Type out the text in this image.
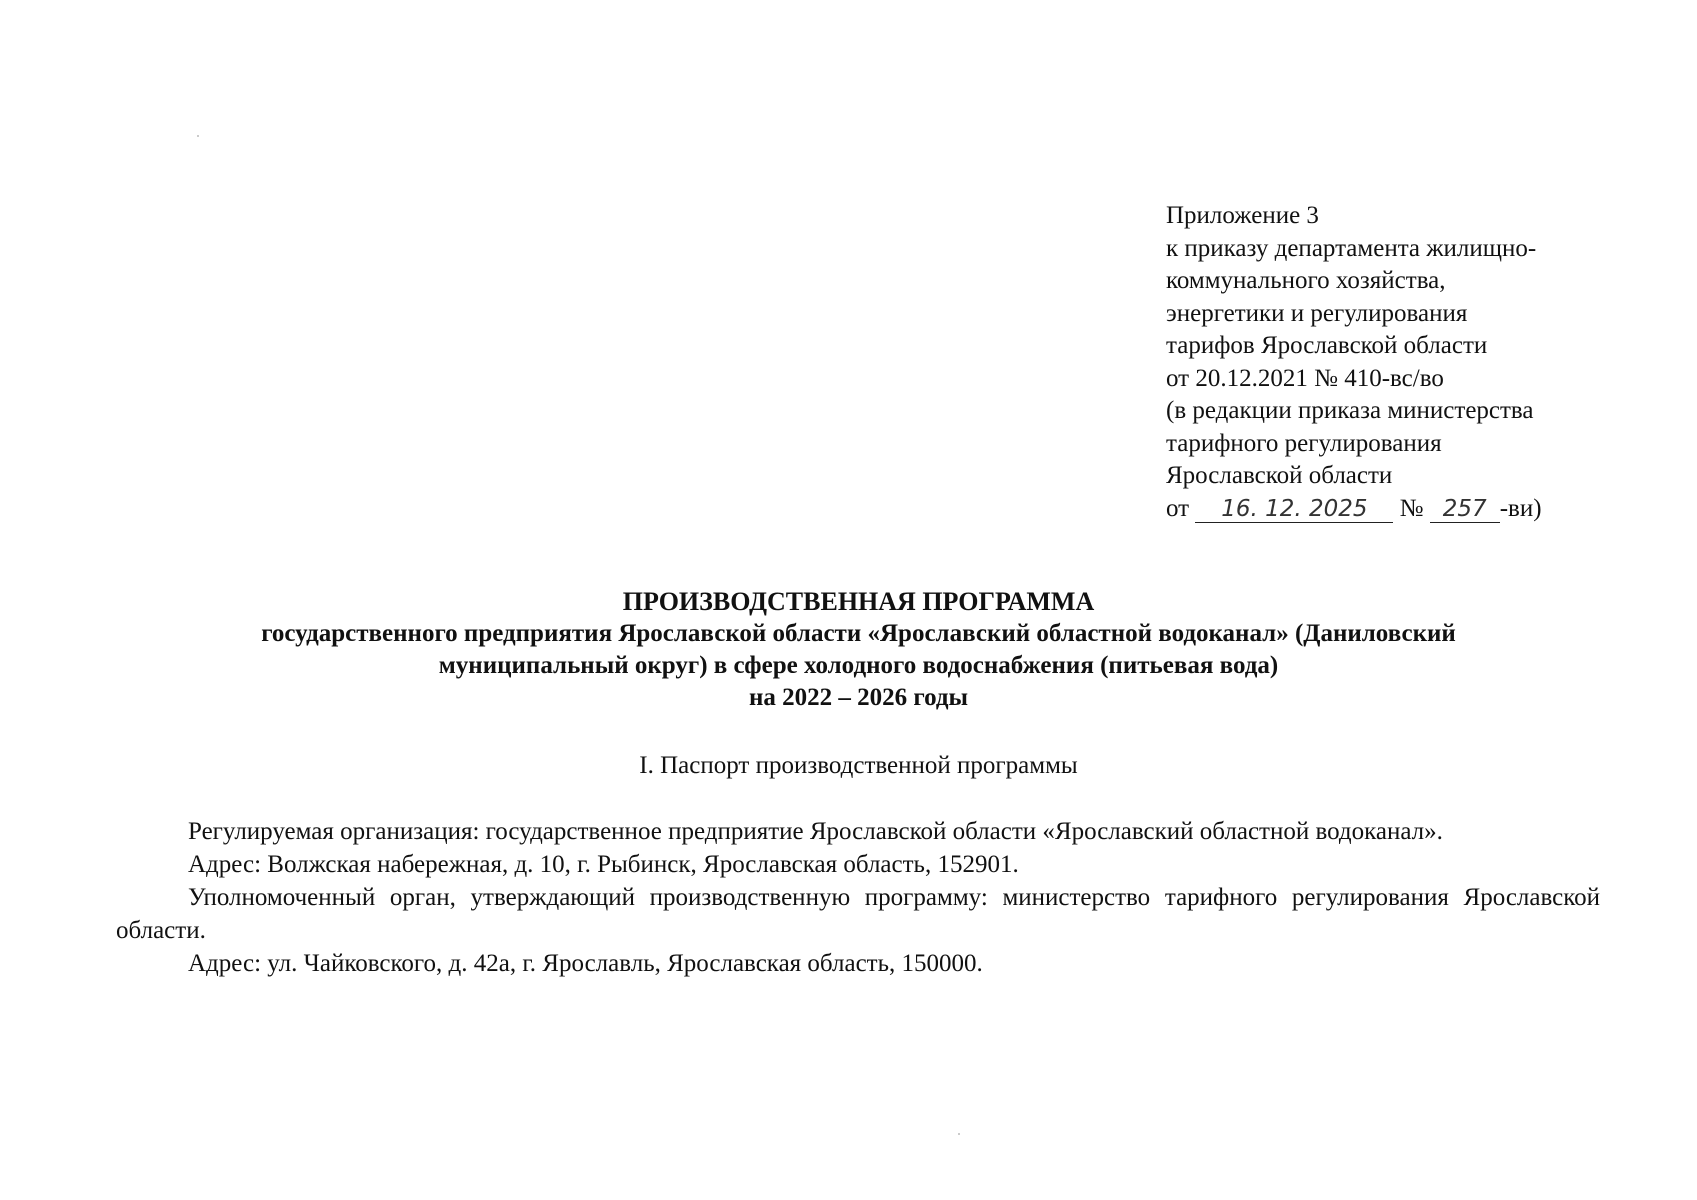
Приложение 3
к приказу департамента жилищно-
коммунального хозяйства,
энергетики и регулирования
тарифов Ярославской области
от 20.12.2021 № 410-вс/во
(в редакции приказа министерства
тарифного регулирования
Ярославской области
от 16. 12. 2025 № 257 -ви)
ПРОИЗВОДСТВЕННАЯ ПРОГРАММА
государственного предприятия Ярославской области «Ярославский областной водоканал» (Даниловский
муниципальный округ) в сфере холодного водоснабжения (питьевая вода)
на 2022 – 2026 годы
I. Паспорт производственной программы

Регулируемая организация: государственное предприятие Ярославской области «Ярославский областной водоканал».

Адрес: Волжская набережная, д. 10, г. Рыбинск, Ярославская область, 152901.

Уполномоченный орган, утверждающий производственную программу: министерство тарифного регулирования Ярославской области.

Адрес: ул. Чайковского, д. 42а, г. Ярославль, Ярославская область, 150000.
